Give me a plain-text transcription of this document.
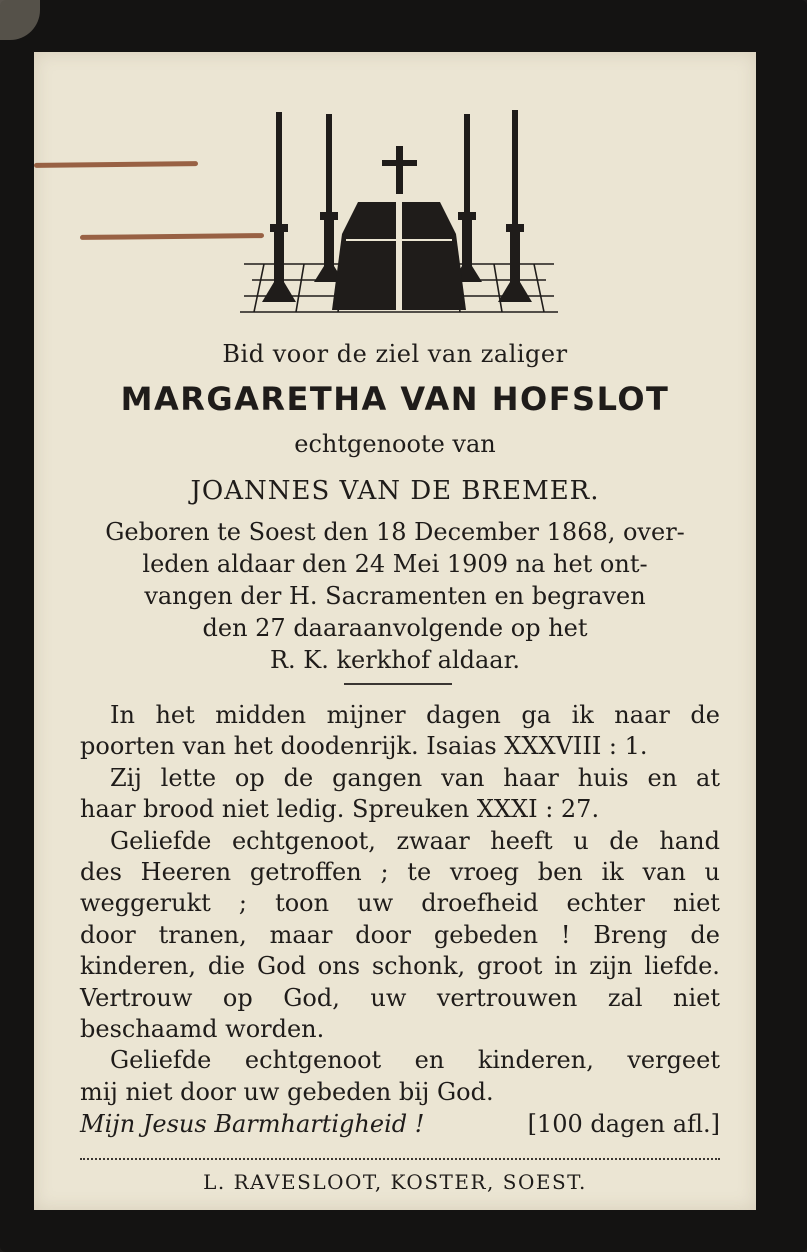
Bid voor de ziel van zaliger
MARGARETHA VAN HOFSLOT
echtgenoote van
JOANNES VAN DE BREMER.
Geboren te Soest den 18 December 1868, over-
leden aldaar den 24 Mei 1909 na het ont-
vangen der H. Sacramenten en begraven
den 27 daaraanvolgende op het
R. K. kerkhof aldaar.
In het midden mijner dagen ga ik naar de
poorten van het doodenrijk. Isaias XXXVIII : 1.
Zij lette op de gangen van haar huis en at
haar brood niet ledig. Spreuken XXXI : 27.
Geliefde echtgenoot, zwaar heeft u de hand
des Heeren getroffen ; te vroeg ben ik van u
weggerukt ; toon uw droefheid echter niet
door tranen, maar door gebeden ! Breng de
kinderen, die God ons schonk, groot in zijn liefde.
Vertrouw op God, uw vertrouwen zal niet
beschaamd worden.
Geliefde echtgenoot en kinderen, vergeet
mij niet door uw gebeden bij God.
Mijn Jesus Barmhartigheid !	[100 dagen afl.]
L. RAVESLOOT, KOSTER, SOEST.
